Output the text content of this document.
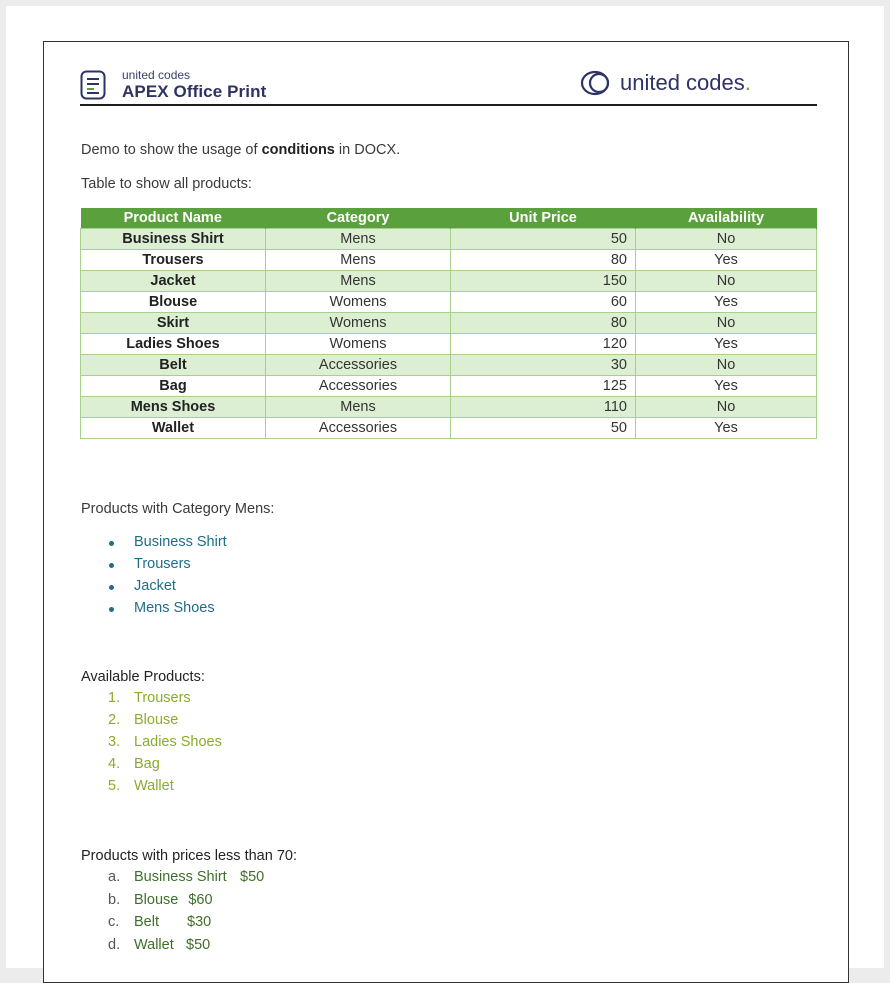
united codes
APEX Office Print	united codes.
Demo to show the usage of conditions in DOCX.
Table to show all products:
Product Name	Category	Unit Price	Availability
Business Shirt	Mens	50	No
Trousers	Mens	80	Yes
Jacket	Mens	150	No
Blouse	Womens	60	Yes
Skirt	Womens	80	No
Ladies Shoes	Womens	120	Yes
Belt	Accessories	30	No
Bag	Accessories	125	Yes
Mens Shoes	Mens	110	No
Wallet	Accessories	50	Yes
Products with Category Mens:
Business Shirt
Trousers
Jacket
Mens Shoes
Available Products:
1. Trousers
2. Blouse
3. Ladies Shoes
4. Bag
5. Wallet
Products with prices less than 70:
a. Business Shirt $50
b. Blouse $60
c. Belt $30
d. Wallet $50
